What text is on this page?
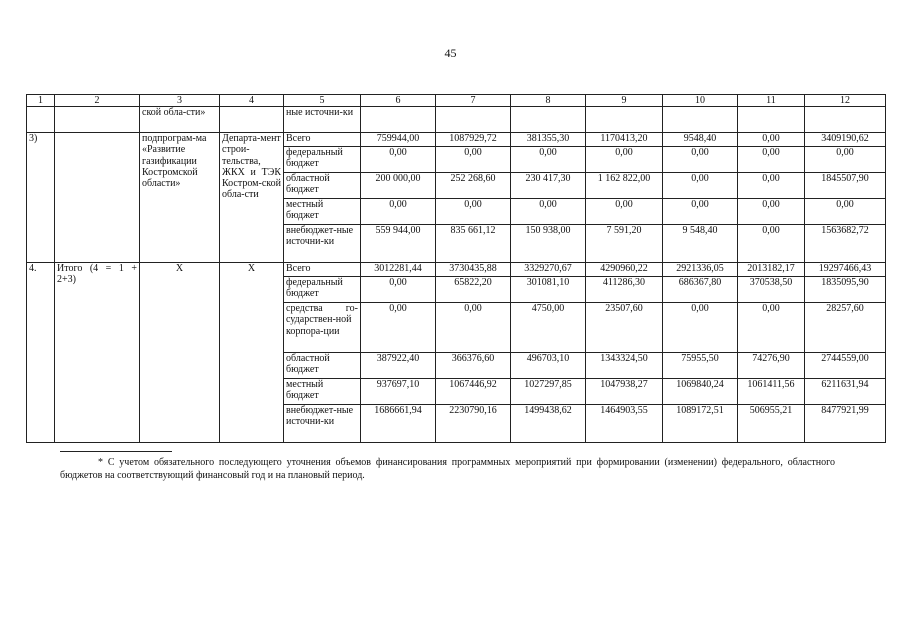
45
1	2	3	4	5	6	7	8	9	10	11	12
		ской обла-сти»		ные источни-ки							
3)		подпрограм-ма «Развитие газификации Костромской области»	Департа-мент строи-тельства, ЖКХ и ТЭК Костром-ской обла-сти	Всего	759944,00	1087929,72	381355,30	1170413,20	9548,40	0,00	3409190,62
				федеральный бюджет	0,00	0,00	0,00	0,00	0,00	0,00	0,00
				областной бюджет	200 000,00	252 268,60	230 417,30	1 162 822,00	0,00	0,00	1845507,90
				местный бюджет	0,00	0,00	0,00	0,00	0,00	0,00	0,00
				внебюджет-ные источни-ки	559 944,00	835 661,12	150 938,00	7 591,20	9 548,40	0,00	1563682,72
4.	Итого (4 = 1 + 2+3)	Х	Х	Всего	3012281,44	3730435,88	3329270,67	4290960,22	2921336,05	2013182,17	19297466,43
				федеральный бюджет	0,00	65822,20	301081,10	411286,30	686367,80	370538,50	1835095,90
				средства го-сударствен-ной корпора-ции	0,00	0,00	4750,00	23507,60	0,00	0,00	28257,60
				областной бюджет	387922,40	366376,60	496703,10	1343324,50	75955,50	74276,90	2744559,00
				местный бюджет	937697,10	1067446,92	1027297,85	1047938,27	1069840,24	1061411,56	6211631,94
				внебюджет-ные источни-ки	1686661,94	2230790,16	1499438,62	1464903,55	1089172,51	506955,21	8477921,99
* С учетом обязательного последующего уточнения объемов финансирования программных мероприятий при формировании (изменении) федерального, областного бюджетов на соответствующий финансовый год и на плановый период.
